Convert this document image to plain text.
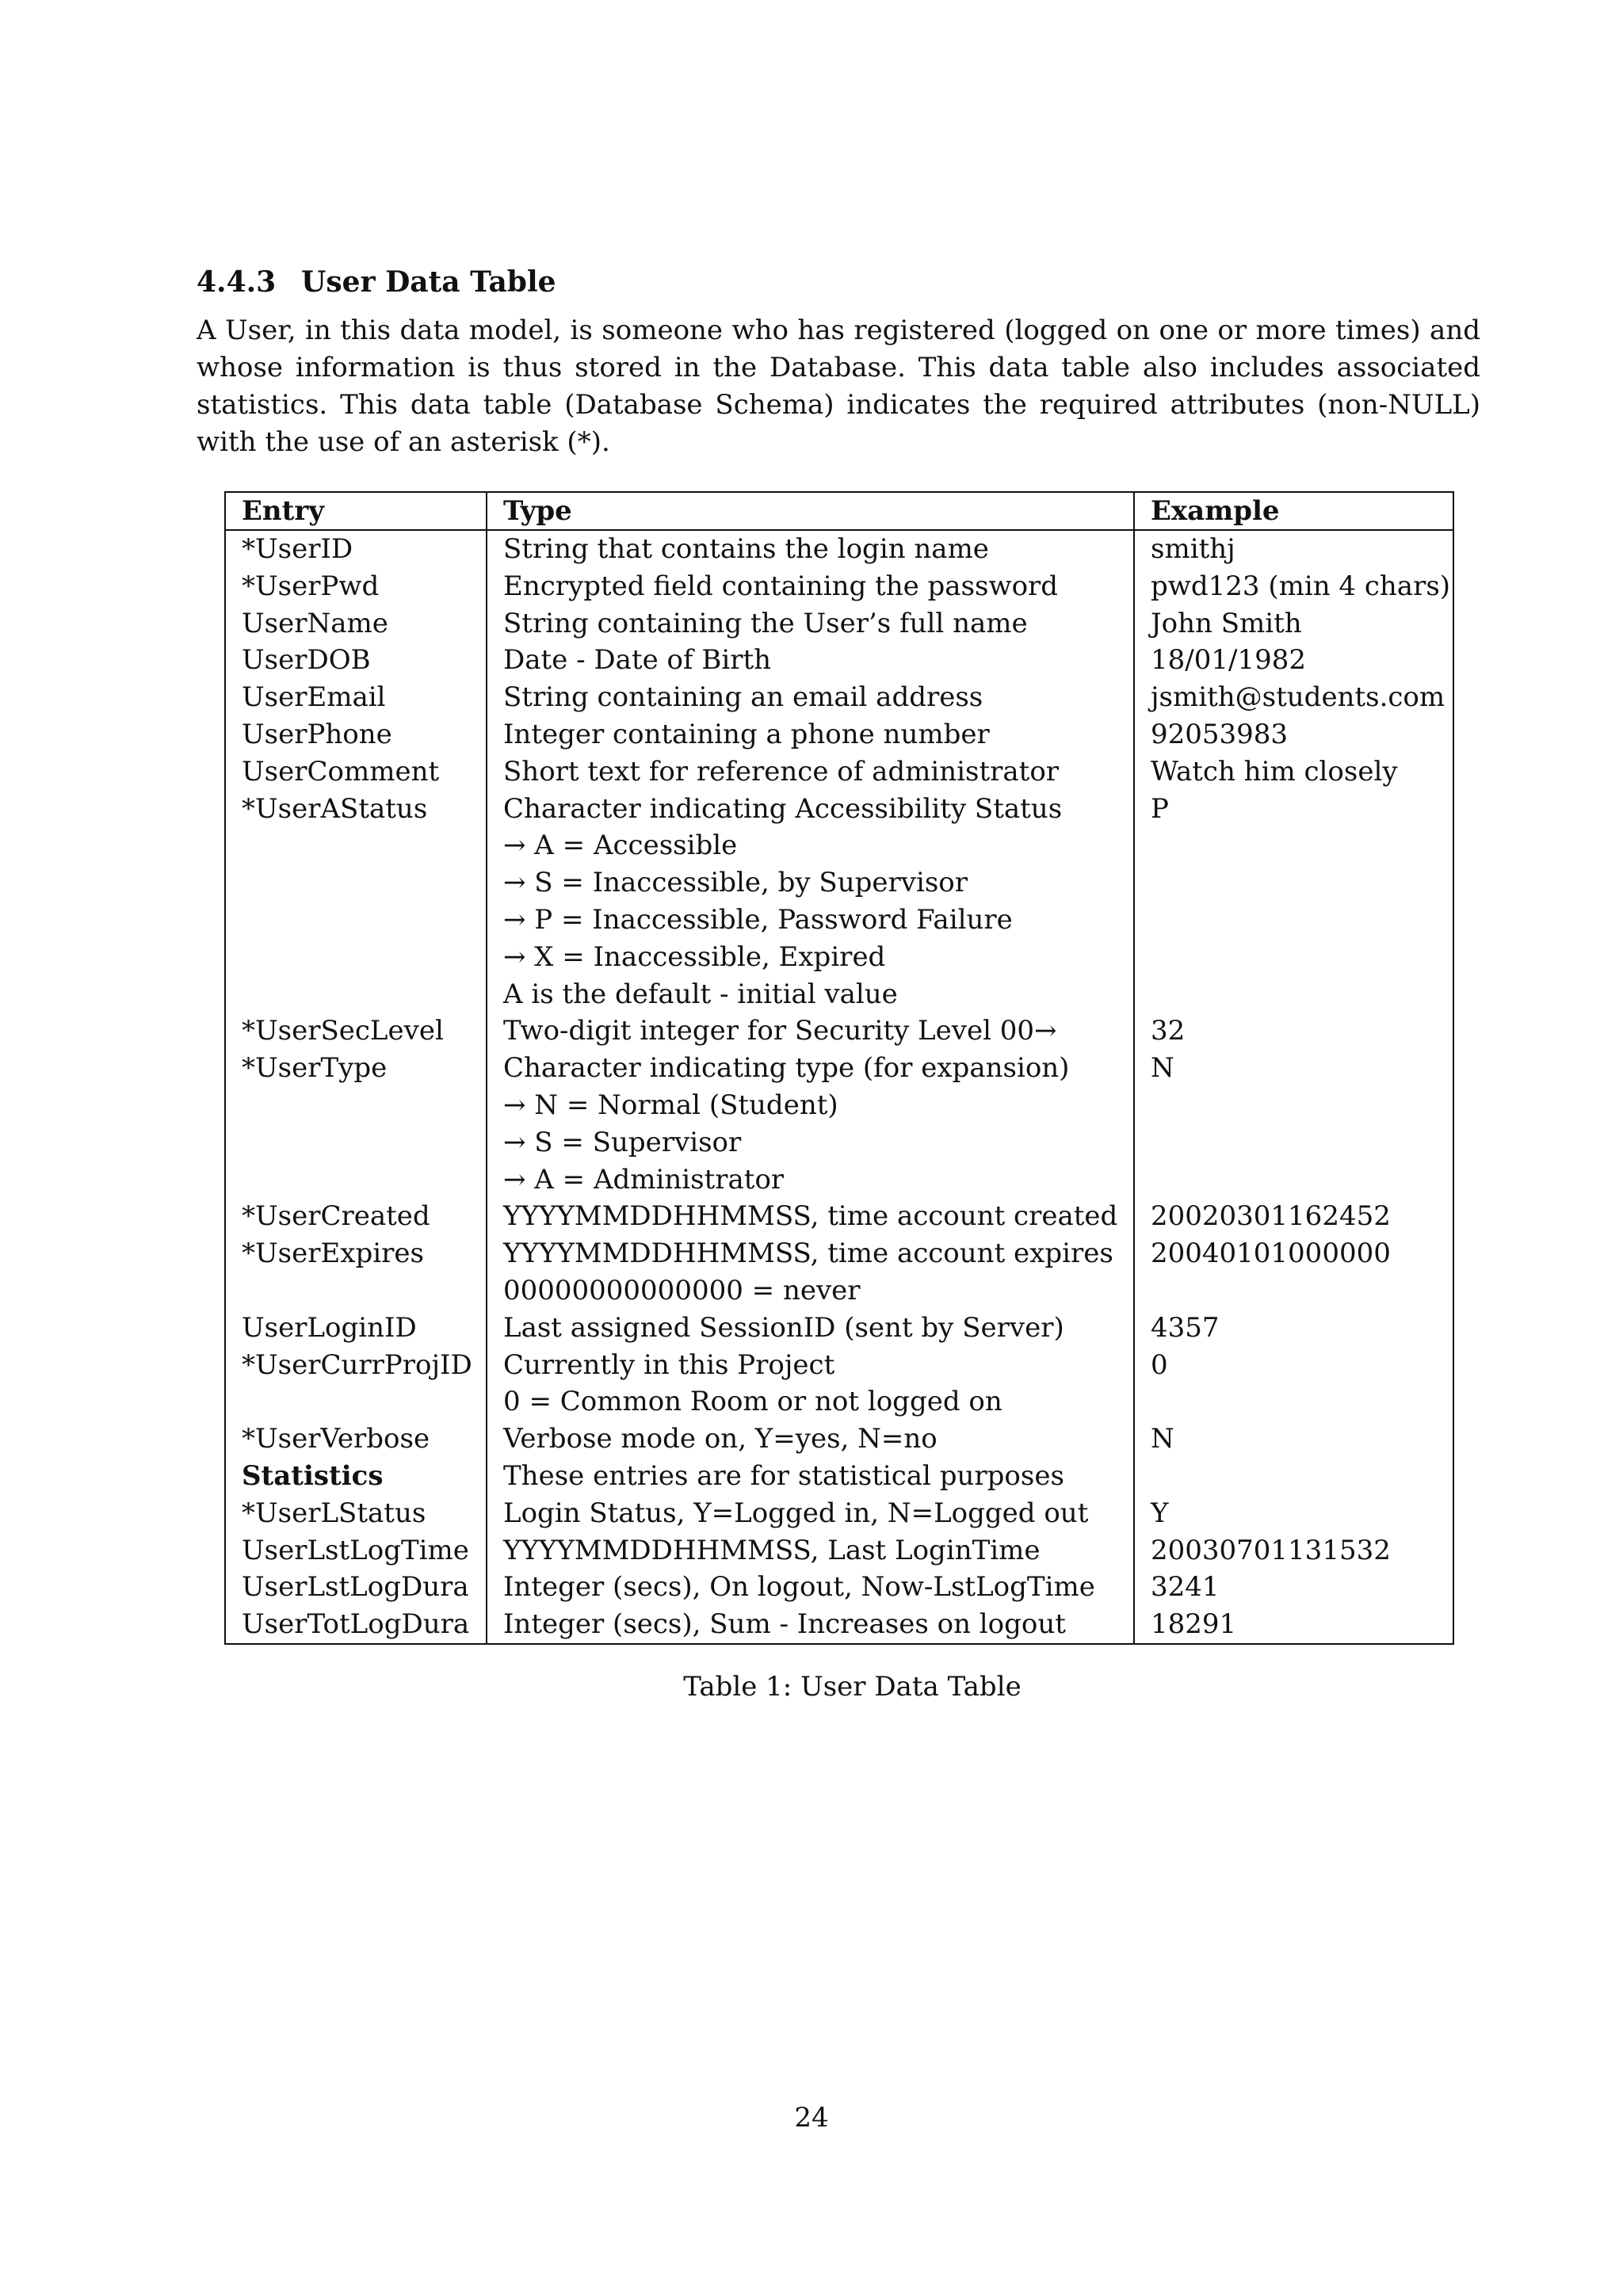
4.4.3 User Data Table

A User, in this data model, is someone who has registered (logged on one or more times) and whose information is thus stored in the Database. This data table also includes associated statistics. This data table (Database Schema) indicates the required attributes (non-NULL) with the use of an asterisk (*).

Entry	Type	Example
*UserID	String that contains the login name	smithj
*UserPwd	Encrypted field containing the password	pwd123 (min 4 chars)
UserName	String containing the User’s full name	John Smith
UserDOB	Date - Date of Birth	18/01/1982
UserEmail	String containing an email address	jsmith@students.com
UserPhone	Integer containing a phone number	92053983
UserComment	Short text for reference of administrator	Watch him closely
*UserAStatus	Character indicating Accessibility Status	P
	→ A = Accessible	
	→ S = Inaccessible, by Supervisor	
	→ P = Inaccessible, Password Failure	
	→ X = Inaccessible, Expired	
	A is the default - initial value	
*UserSecLevel	Two-digit integer for Security Level 00→	32
*UserType	Character indicating type (for expansion)	N
	→ N = Normal (Student)	
	→ S = Supervisor	
	→ A = Administrator	
*UserCreated	YYYYMMDDHHMMSS, time account created	20020301162452
*UserExpires	YYYYMMDDHHMMSS, time account expires	20040101000000
	00000000000000 = never	
UserLoginID	Last assigned SessionID (sent by Server)	4357
*UserCurrProjID	Currently in this Project	0
	0 = Common Room or not logged on	
*UserVerbose	Verbose mode on, Y=yes, N=no	N
Statistics	These entries are for statistical purposes	
*UserLStatus	Login Status, Y=Logged in, N=Logged out	Y
UserLstLogTime	YYYYMMDDHHMMSS, Last LoginTime	20030701131532
UserLstLogDura	Integer (secs), On logout, Now-LstLogTime	3241
UserTotLogDura	Integer (secs), Sum - Increases on logout	18291
Table 1: User Data Table
24
